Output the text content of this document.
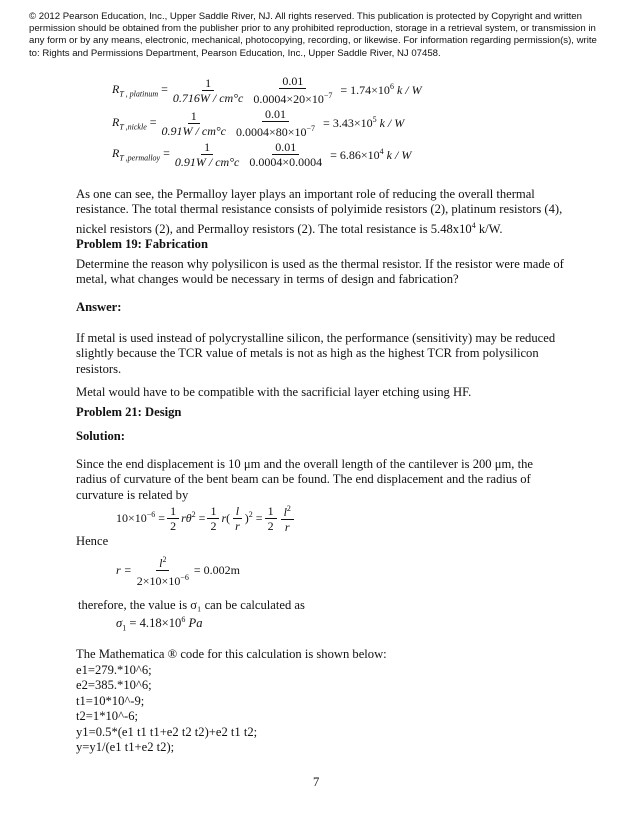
© 2012 Pearson Education, Inc., Upper Saddle River, NJ. All rights reserved. This publication is protected by Copyright and written permission should be obtained from the publisher prior to any prohibited reproduction, storage in a retrieval system, or transmission in any form or by any means, electronic, mechanical, photocopying, recording, or likewise. For information regarding permission(s), write to: Rights and Permissions Department, Pearson Education, Inc., Upper Saddle River, NJ 07458.
$R_{T , platinum} = \frac{1}{0.716W / cm^\circ c} \frac{0.01}{0.0004\times 20\times 10^{-7}} = 1.74\times 10^6$ k / W
$R_{T ,nickle} = \frac{1}{0.91W / cm^\circ c} \frac{0.01}{0.0004\times 80\times 10^{-7}} = 3.43\times 10^5$ k / W
$R_{T ,permalloy} = \frac{1}{0.91W / cm^\circ c} \frac{0.01}{0.0004\times 0.0004} = 6.86\times 10^4$ k / W
As one can see, the Permalloy layer plays an important role of reducing the overall thermal resistance. The total thermal resistance consists of polyimide resistors (2), platinum resistors (4), nickel resistors (2), and Permalloy resistors (2). The total resistance is $5.48x10^4$ k/W.
Problem 19: Fabrication
Determine the reason why polysilicon is used as the thermal resistor. If the resistor were made of metal, what changes would be necessary in terms of design and fabrication?
Answer:
If metal is used instead of polycrystalline silicon, the performance (sensitivity) may be reduced slightly because the TCR value of metals is not as high as the highest TCR from polysilicon resistors.
Metal would have to be compatible with the sacrificial layer etching using HF.
Problem 21: Design
Solution:
Since the end displacement is 10 μm and the overall length of the cantilever is 200 μm, the radius of curvature of the bent beam can be found. The end displacement and the radius of curvature is related by
$10\times 10^{-6} = \frac{1}{2} r\theta^2 = \frac{1}{2} r( \frac{l}{r} )^2 = \frac{1}{2} \frac{l^2}{r}$
Hence
$r = \frac{l^2}{2\times 10\times 10^{-6}} = 0.002m$
therefore, the value is σ₁ can be calculated as
$\sigma_1 = 4.18\times 10^6$ Pa
The Mathematica ® code for this calculation is shown below:
e1=279.*10^6;
e2=385.*10^6;
t1=10*10^-9;
t2=1*10^-6;
y1=0.5*(e1 t1 t1+e2 t2 t2)+e2 t1 t2;
y=y1/(e1 t1+e2 t2);
7
